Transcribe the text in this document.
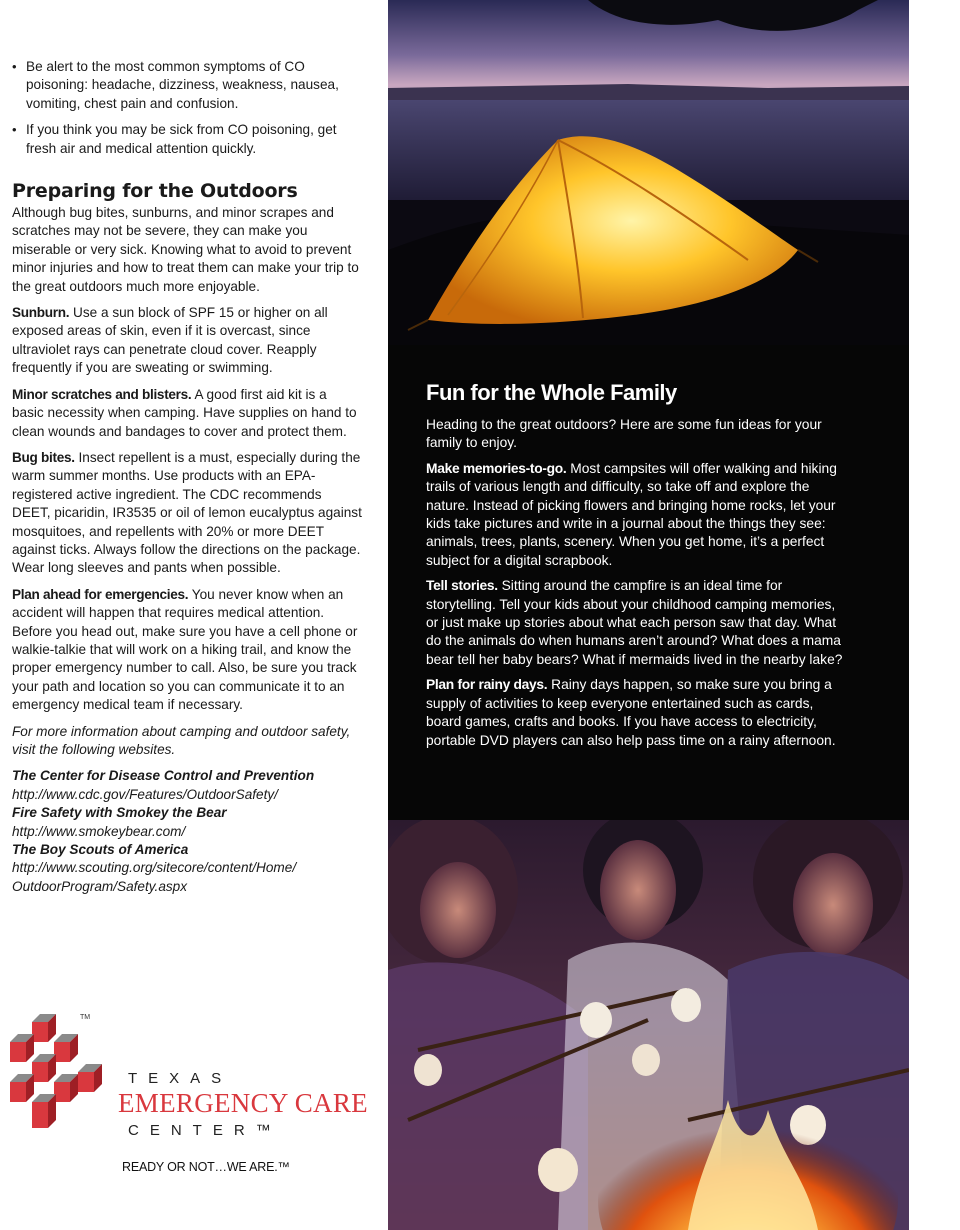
• Be alert to the most common symptoms of CO poisoning: headache, dizziness, weakness, nausea, vomiting, chest pain and confusion.
• If you think you may be sick from CO poisoning, get fresh air and medical attention quickly.
Preparing for the Outdoors

Although bug bites, sunburns, and minor scrapes and scratches may not be severe, they can make you miserable or very sick. Knowing what to avoid to prevent minor injuries and how to treat them can make your trip to the great outdoors much more enjoyable.

Sunburn. Use a sun block of SPF 15 or higher on all exposed areas of skin, even if it is overcast, since ultraviolet rays can penetrate cloud cover. Reapply frequently if you are sweating or swimming.

Minor scratches and blisters. A good first aid kit is a basic necessity when camping. Have supplies on hand to clean wounds and bandages to cover and protect them.

Bug bites. Insect repellent is a must, especially during the warm summer months. Use products with an EPA-registered active ingredient. The CDC recommends DEET, picaridin, IR3535 or oil of lemon eucalyptus against mosquitoes, and repellents with 20% or more DEET against ticks. Always follow the directions on the package. Wear long sleeves and pants when possible.

Plan ahead for emergencies. You never know when an accident will happen that requires medical attention. Before you head out, make sure you have a cell phone or walkie-talkie that will work on a hiking trail, and know the proper emergency number to call. Also, be sure you track your path and location so you can communicate it to an emergency medical team if necessary.

For more information about camping and outdoor safety, visit the following websites.

The Center for Disease Control and Prevention
http://www.cdc.gov/Features/OutdoorSafety/
Fire Safety with Smokey the Bear
http://www.smokeybear.com/
The Boy Scouts of America
http://www.scouting.org/sitecore/content/Home/ OutdoorProgram/Safety.aspx
TM
TEXAS
EMERGENCY CARE
CENTER™
READY OR NOT…WE ARE.™
Fun for the Whole Family

Heading to the great outdoors? Here are some fun ideas for your family to enjoy.

Make memories-to-go. Most campsites will offer walking and hiking trails of various length and difficulty, so take off and explore the nature. Instead of picking flowers and bringing home rocks, let your kids take pictures and write in a journal about the things they see: animals, trees, plants, scenery. When you get home, it’s a perfect subject for a digital scrapbook.

Tell stories. Sitting around the campfire is an ideal time for storytelling. Tell your kids about your childhood camping memories, or just make up stories about what each person saw that day. What do the animals do when humans aren’t around? What does a mama bear tell her baby bears? What if mermaids lived in the nearby lake?

Plan for rainy days. Rainy days happen, so make sure you bring a supply of activities to keep everyone entertained such as cards, board games, crafts and books. If you have access to electricity, portable DVD players can also help pass time on a rainy afternoon.
